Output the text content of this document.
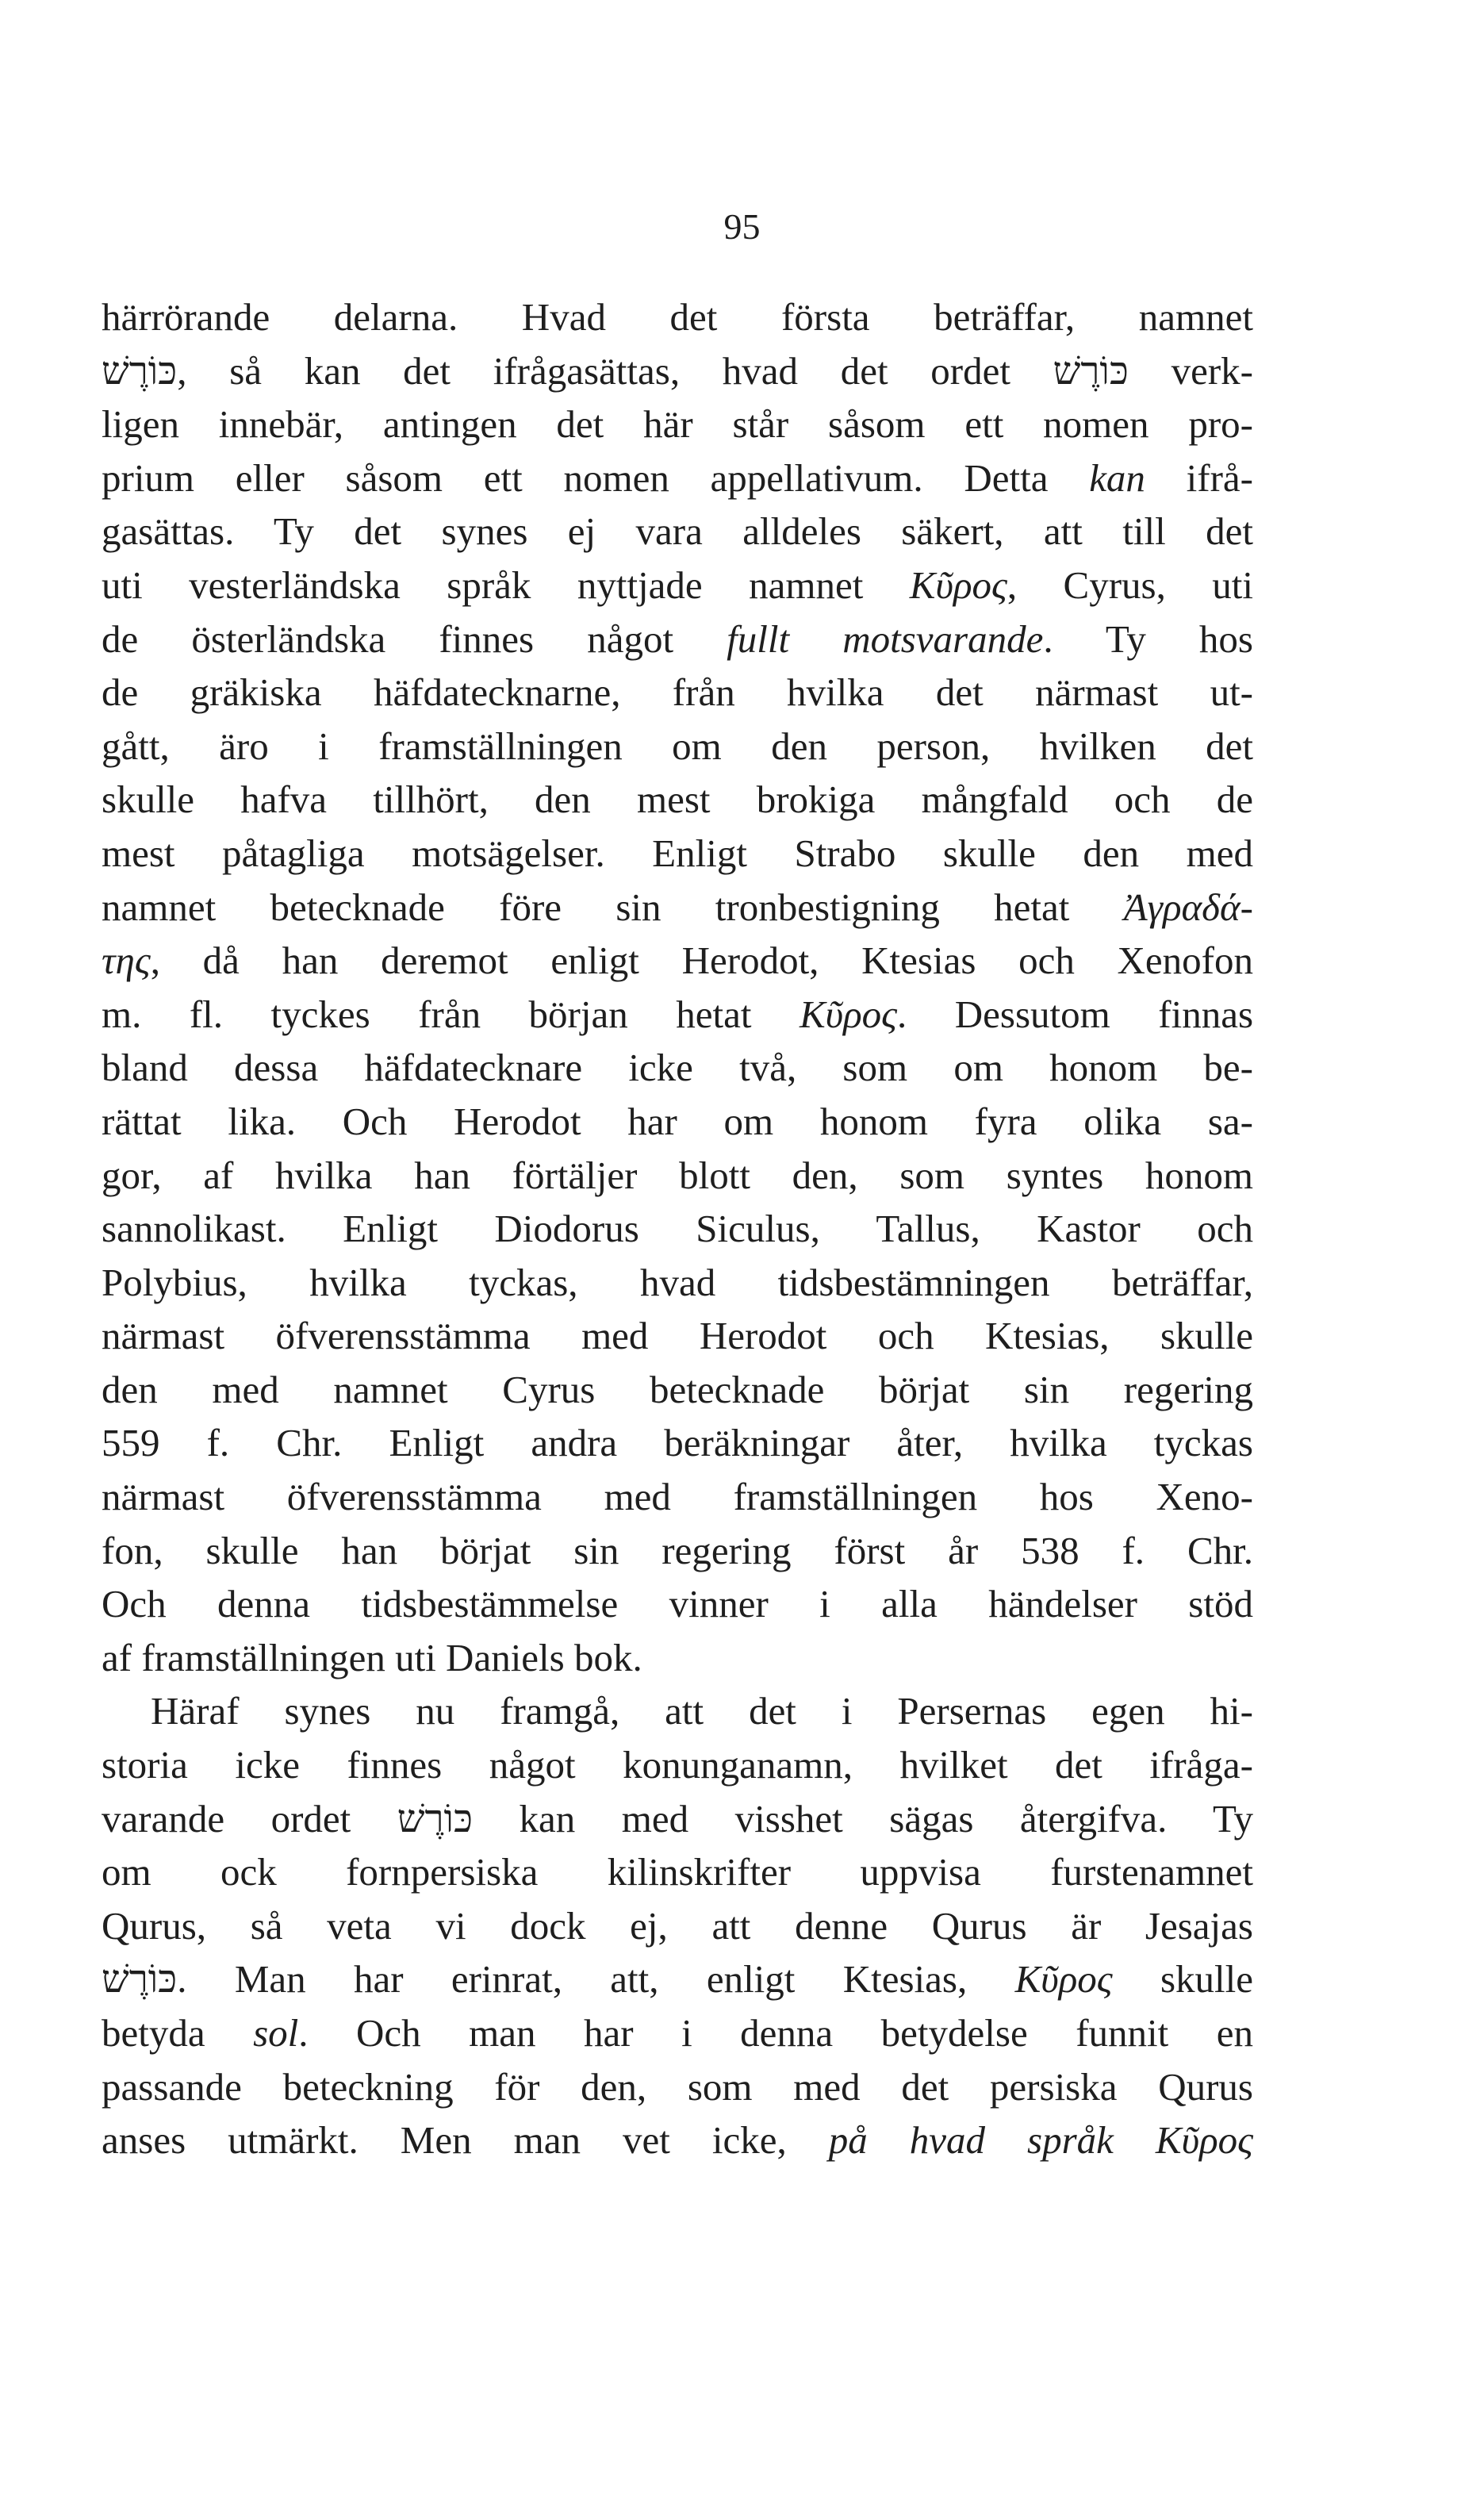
95
härrörande delarna. Hvad det första beträffar, namnet
כּוֹרֶשׁ, så kan det ifrågasättas, hvad det ordet כּוֹרֶשׁ verk-
ligen innebär, antingen det här står såsom ett nomen pro-
prium eller såsom ett nomen appellativum. Detta kan ifrå-
gasättas. Ty det synes ej vara alldeles säkert, att till det
uti vesterländska språk nyttjade namnet Κῦρος, Cyrus, uti
de österländska finnes något fullt motsvarande. Ty hos
de gräkiska häfdatecknarne, från hvilka det närmast ut-
gått, äro i framställningen om den person, hvilken det
skulle hafva tillhört, den mest brokiga mångfald och de
mest påtagliga motsägelser. Enligt Strabo skulle den med
namnet betecknade före sin tronbestigning hetat Ἀγραδά-
της, då han deremot enligt Herodot, Ktesias och Xenofon
m. fl. tyckes från början hetat Κῦρος. Dessutom finnas
bland dessa häfdatecknare icke två, som om honom be-
rättat lika. Och Herodot har om honom fyra olika sa-
gor, af hvilka han förtäljer blott den, som syntes honom
sannolikast. Enligt Diodorus Siculus, Tallus, Kastor och
Polybius, hvilka tyckas, hvad tidsbestämningen beträffar,
närmast öfverensstämma med Herodot och Ktesias, skulle
den med namnet Cyrus betecknade börjat sin regering
559 f. Chr. Enligt andra beräkningar åter, hvilka tyckas
närmast öfverensstämma med framställningen hos Xeno-
fon, skulle han börjat sin regering först år 538 f. Chr.
Och denna tidsbestämmelse vinner i alla händelser stöd
af framställningen uti Daniels bok.
Häraf synes nu framgå, att det i Persernas egen hi-
storia icke finnes något konunganamn, hvilket det ifråga-
varande ordet כּוֹרֶשׁ kan med visshet sägas återgifva. Ty
om ock fornpersiska kilinskrifter uppvisa furstenamnet
Qurus, så veta vi dock ej, att denne Qurus är Jesajas
כּוֹרֶשׁ. Man har erinrat, att, enligt Ktesias, Κῦρος skulle
betyda sol. Och man har i denna betydelse funnit en
passande beteckning för den, som med det persiska Qurus
anses utmärkt. Men man vet icke, på hvad språk Κῦρος
